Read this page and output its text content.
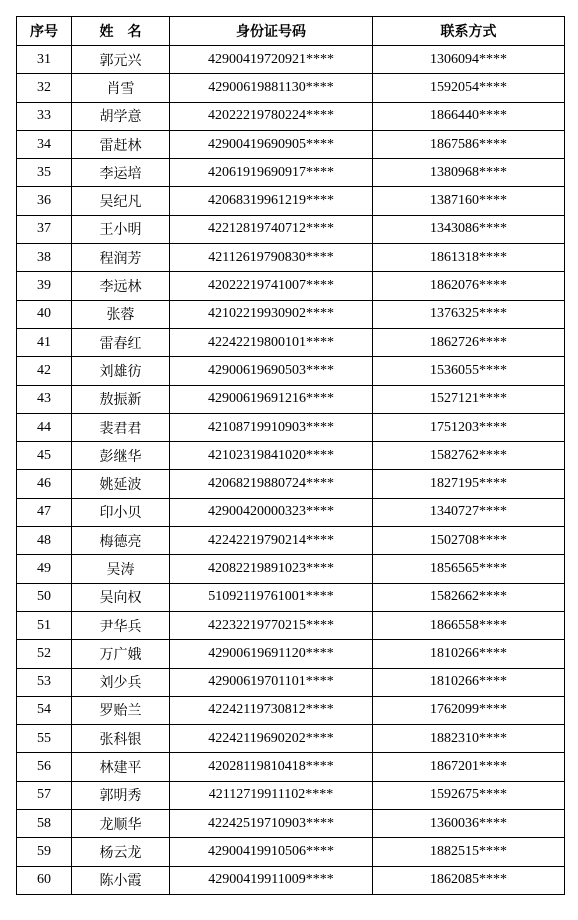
序号	姓　名	身份证号码	联系方式
31	郭元兴	42900419720921****	1306094****
32	肖雪	42900619881130****	1592054****
33	胡学意	42022219780224****	1866440****
34	雷赶林	42900419690905****	1867586****
35	李运培	42061919690917****	1380968****
36	吴纪凡	42068319961219****	1387160****
37	王小明	42212819740712****	1343086****
38	程润芳	42112619790830****	1861318****
39	李远林	42022219741007****	1862076****
40	张蓉	42102219930902****	1376325****
41	雷春红	42242219800101****	1862726****
42	刘雄彷	42900619690503****	1536055****
43	敖振新	42900619691216****	1527121****
44	裴君君	42108719910903****	1751203****
45	彭继华	42102319841020****	1582762****
46	姚延波	42068219880724****	1827195****
47	印小贝	42900420000323****	1340727****
48	梅德亮	42242219790214****	1502708****
49	吴涛	42082219891023****	1856565****
50	吴向权	51092119761001****	1582662****
51	尹华兵	42232219770215****	1866558****
52	万广娥	42900619691120****	1810266****
53	刘少兵	42900619701101****	1810266****
54	罗贻兰	42242119730812****	1762099****
55	张科银	42242119690202****	1882310****
56	林建平	42028119810418****	1867201****
57	郭明秀	42112719911102****	1592675****
58	龙顺华	42242519710903****	1360036****
59	杨云龙	42900419910506****	1882515****
60	陈小霞	42900419911009****	1862085****
